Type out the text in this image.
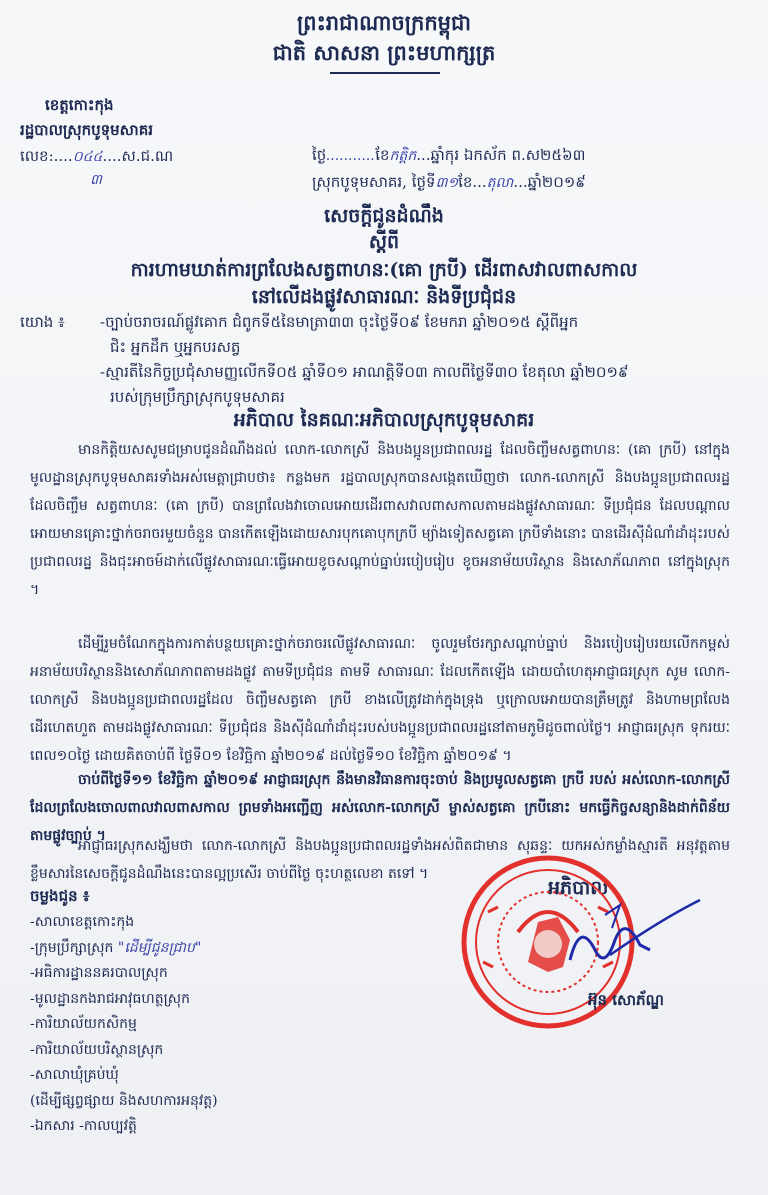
ព្រះរាជាណាចក្រកម្ពុជា
ជាតិ សាសនា ព្រះមហាក្សត្រ
ខេត្តកោះកុង
រដ្ឋបាលស្រុកបូទុមសាគរ
លេខ:....០៤៤....ស.ជ.ណ
៣
ថ្ងៃ...........ខែកត្តិក...ឆ្នាំកុរ ឯកស័ក ព.ស២៥៦៣
ស្រុកបូទុមសាគរ, ថ្ងៃទី៣១ខែ...តុលា...ឆ្នាំ២០១៩
សេចក្តីជូនដំណឹង
ស្តីពី
ការហាមឃាត់ការព្រលែងសត្វពាហនៈ(គោ ក្របី) ដើរពាសវាលពាសកាល
នៅលើដងផ្លូវសាធារណៈ និងទីប្រជុំជន
យោង ៖ -ច្បាប់ចរាចរណ៍ផ្លូវគោក ជំពូកទី៥នៃមាត្រា៣៣ ចុះថ្ងៃទី០៩ ខែមករា ឆ្នាំ២០១៥ ស្តីពីអ្នក
ជិះ អ្នកដឹក ឬអ្នកបរសត្វ
-ស្មារតីនៃកិច្ចប្រជុំសាមញ្ញលើកទី០៥ ឆ្នាំទី០១ អាណត្តិទី០៣ កាលពីថ្ងៃទី៣០ ខែតុលា ឆ្នាំ២០១៩
របស់ក្រុមប្រឹក្សាស្រុកបូទុមសាគរ
អភិបាល នៃគណៈអភិបាលស្រុកបូទុមសាគរ
មានកិត្តិយសសូមជម្រាបជូនដំណឹងដល់ លោក-លោកស្រី និងបងប្អូនប្រជាពលរដ្ឋ ដែលចិញ្ចឹមសត្វពាហនៈ (គោ ក្របី) នៅក្នុងមូលដ្ឋានស្រុកបូទុមសាគរទាំងអស់មេត្តាជ្រាបថា៖ កន្លងមក រដ្ឋបាលស្រុកបានសង្កេតឃើញថា លោក-លោកស្រី និងបងប្អូនប្រជាពលរដ្ឋដែលចិញ្ចឹម សត្វពាហនៈ (គោ ក្របី) បានព្រលែងវាចោលអោយដើរពាសវាលពាសកាលតាមដងផ្លូវសាធារណៈ ទីប្រជុំជន ដែលបណ្តាលអោយមានគ្រោះថ្នាក់ចរាចរមួយចំនួន បានកើតឡើងដោយសារបុកគោបុកក្របី ម្យ៉ាងទៀតសត្វគោ ក្របីទាំងនោះ បានដើរស៊ីដំណាំដាំដុះរបស់ប្រជាពលរដ្ឋ និងជុះអាចម៍ដាក់លើផ្លូវសាធារណៈធ្វើអោយខូចសណ្តាប់ធ្នាប់របៀបរៀប ខូចអនាម័យបរិស្ថាន និងសោភ័ណភាព នៅក្នុងស្រុក ។
ដើម្បីរួមចំណែកក្នុងការកាត់បន្ថយគ្រោះថ្នាក់ចរាចរលើផ្លូវសាធារណៈ ចូលរួមថែរក្សាសណ្តាប់ធ្នាប់ និងរបៀបរៀបរយលើកកម្ពស់អនាម័យបរិស្ថាននិងសោភ័ណភាពតាមដងផ្លូវ តាមទីប្រជុំជន តាមទី សាធារណៈ ដែលកើតឡើង ដោយបាំហេតុអាជ្ញាធរស្រុក សូម លោក-លោកស្រី និងបងប្អូនប្រជាពលរដ្ឋដែល ចិញ្ចឹមសត្វគោ ក្របី ខាងលើត្រូវដាក់ក្នុងទ្រុង ឬក្រោលអោយបានត្រឹមត្រូវ និងហាមព្រលែងដើរហេតហួត តាមដងផ្លូវសាធារណៈ ទីប្រជុំជន និងស៊ីដំណាំដាំដុះរបស់បងប្អូនប្រជាពលរដ្ឋនៅតាមភូមិដូចពាល់ថ្ងៃ។ អាជ្ញាធរស្រុក ទុករយៈពេល១០ថ្ងៃ ដោយគិតចាប់ពី ថ្ងៃទី០១ ខែវិច្ឆិកា ឆ្នាំ២០១៩ ដល់ថ្ងៃទី១០ ខែវិច្ឆិកា ឆ្នាំ២០១៩ ។
ចាប់ពីថ្ងៃទី១១ ខែវិច្ឆិកា ឆ្នាំ២០១៩ អាជ្ញាធរស្រុក នឹងមានវិធានការចុះចាប់ និងប្រមូលសត្វគោ ក្របី របស់ អស់លោក-លោកស្រីដែលព្រលែងចោលពាលវាលពាសកាល ព្រមទាំងអញ្ជើញ អស់លោក-លោកស្រី ម្ចាស់សត្វគោ ក្របីនោះ មកធ្វើកិច្ចសន្យានិងដាក់ពិន័យតាមផ្លូវច្បាប់ ។
អាជ្ញាធរស្រុកសង្ឃឹមថា លោក-លោកស្រី និងបងប្អូនប្រជាពលរដ្ឋទាំងអស់ពិតជាមាន សុឆន្ទៈ យកអស់កម្លាំងស្មារតី អនុវត្តតាមខ្លឹមសារនៃសេចក្តីជូនដំណឹងនេះបានល្អប្រសើរ ចាប់ពីថ្ងៃ ចុះហត្ថលេខា តទៅ ។
អភិបាល
អ៊ុន សោភ័ណ្ឌ
ចម្លងជូន ៖
-សាលាខេត្តកោះកុង
-ក្រុមប្រឹក្សាស្រុក "ដើម្បីជូនជ្រាប"
-អធិការដ្ឋាននគរបាលស្រុក
-មូលដ្ឋានកងរាជអាវុធហត្ថស្រុក
-ការិយាល័យកសិកម្ម
-ការិយាល័យបរិស្ថានស្រុក
-សាលាឃុំគ្រប់ឃុំ
(ដើម្បីផ្សព្វផ្សាយ និងសហការអនុវត្ត)
-ឯកសារ -កាលប្បវត្តិ
